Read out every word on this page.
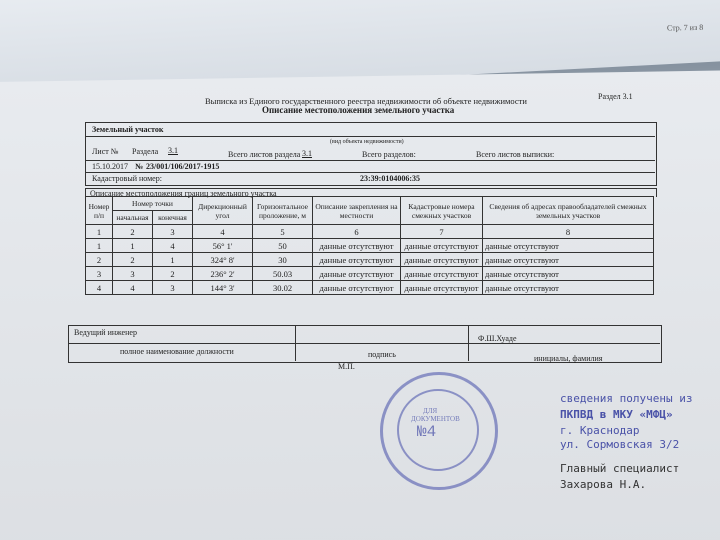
Стр. 7 из 8
Выписка из Единого государственного реестра недвижимости об объекте недвижимости
Описание местоположения земельного участка
Раздел 3.1
Земельный участок
(вид объекта недвижимости)
Лист № Раздела 3.1	Всего листов раздела 3.1	Всего разделов:	Всего листов выписки:
15.10.2017 № 23/001/106/2017-1915
Кадастровый номер:	23:39:0104006:35
Описание местоположения границ земельного участка
Номер п/п	Номер точки		Дирекционный угол	Горизонтальное проложение, м	Описание закрепления на местности	Кадастровые номера смежных участков	Сведения об адресах правообладателей смежных земельных участков
	начальная	конечная					
1	2	3	4	5	6	7	8
1	1	4	56° 1'	50	данные отсутствуют	данные отсутствуют	данные отсутствуют
2	2	1	324° 8'	30	данные отсутствуют	данные отсутствуют	данные отсутствуют
3	3	2	236° 2'	50.03	данные отсутствуют	данные отсутствуют	данные отсутствуют
4	4	3	144° 3'	30.02	данные отсутствуют	данные отсутствуют	данные отсутствуют
Ведущий инженер
полное наименование должности	подпись
Ф.Ш.Хуаде
инициалы, фамилия
М.П.
ДЛЯ
ДОКУМЕНТОВ
№4
сведения получены из
ПКПВД в МКУ «МФЦ»
г. Краснодар
ул. Сормовская 3/2
Главный специалист
Захарова Н.А.
